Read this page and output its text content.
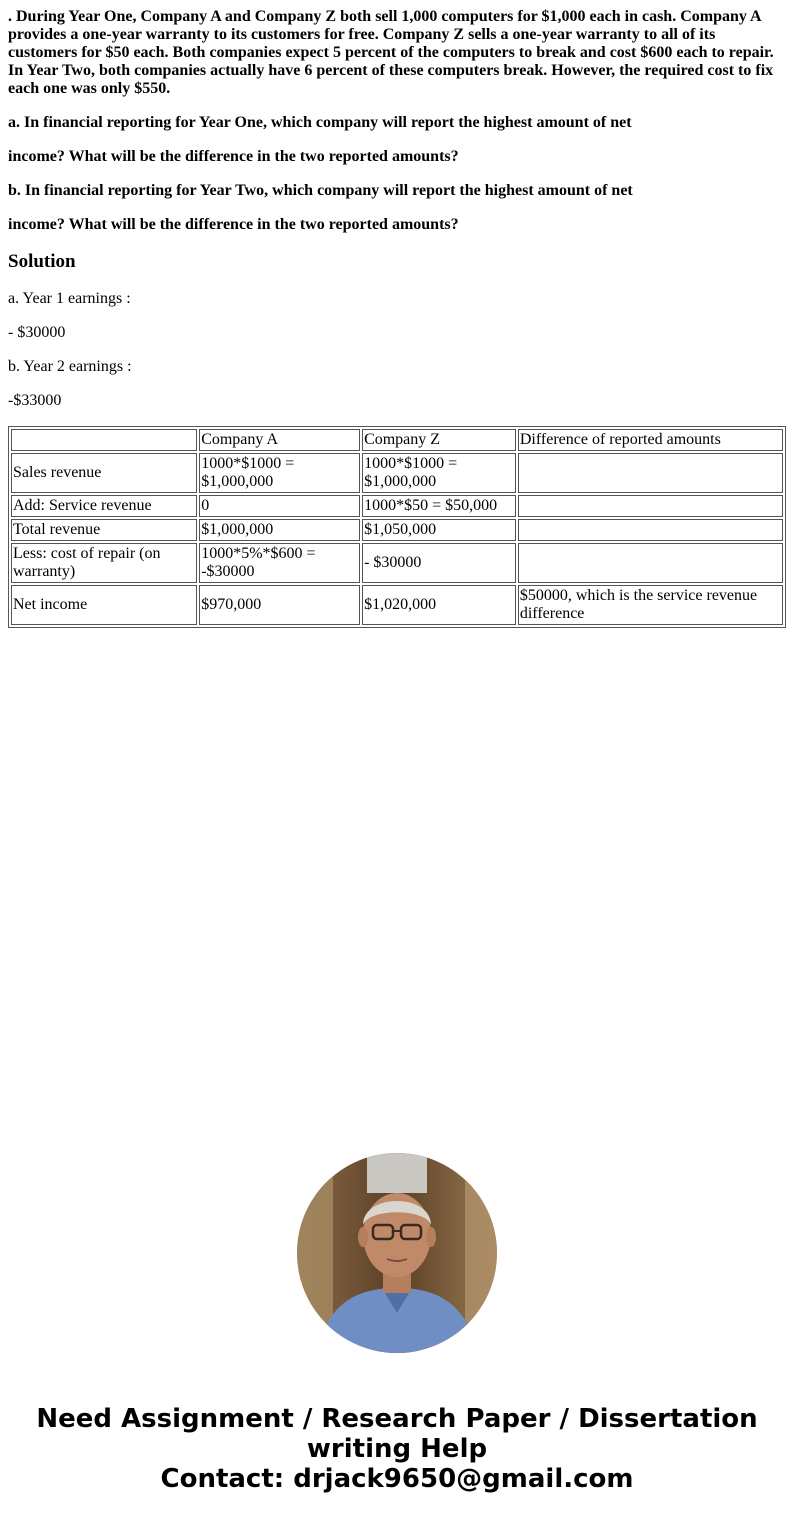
. During Year One, Company A and Company Z both sell 1,000 computers for $1,000 each in cash. Company A provides a one-year warranty to its customers for free. Company Z sells a one-year warranty to all of its customers for $50 each. Both companies expect 5 percent of the computers to break and cost $600 each to repair. In Year Two, both companies actually have 6 percent of these computers break. However, the required cost to fix each one was only $550.

a. In financial reporting for Year One, which company will report the highest amount of net

income? What will be the difference in the two reported amounts?

b. In financial reporting for Year Two, which company will report the highest amount of net

income? What will be the difference in the two reported amounts?

Solution

a. Year 1 earnings :

- $30000

b. Year 2 earnings :

-$33000

	Company A	Company Z	Difference of reported amounts
Sales revenue	1000*$1000 = $1,000,000	1000*$1000 = $1,000,000	
Add: Service revenue	0	1000*$50 = $50,000	
Total revenue	$1,000,000	$1,050,000	
Less: cost of repair (on warranty)	1000*5%*$600 = -$30000	- $30000	
Net income	$970,000	$1,020,000	$50000, which is the service revenue difference
Need Assignment / Research Paper / Dissertation
writing Help
Contact: drjack9650@gmail.com
